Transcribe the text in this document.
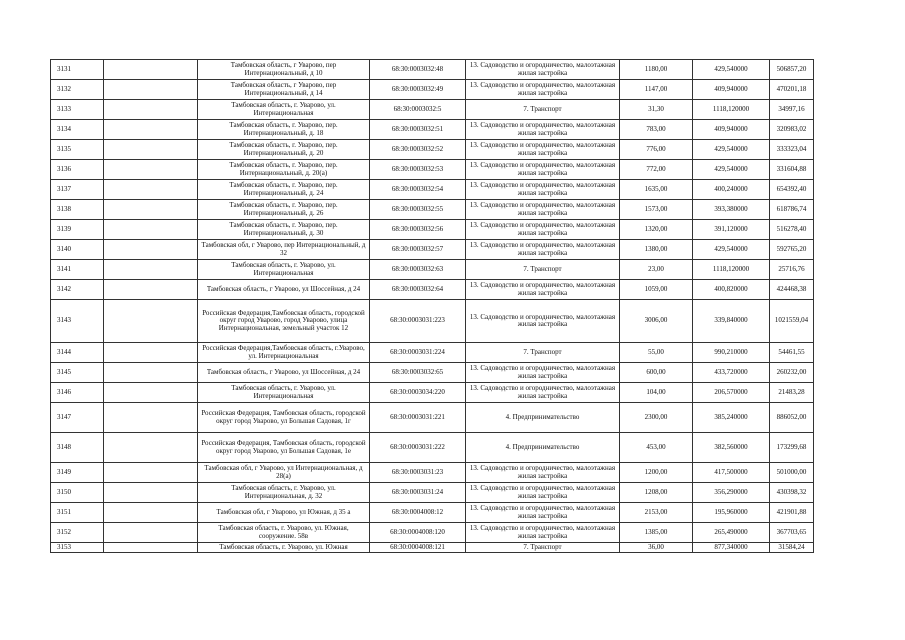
3131		Тамбовская область, г Уварово, пер Интернациональный, д 10	68:30:0003032:48	13. Садоводство и огородничество, малоэтажная жилая застройка	1180,00	429,540000	506857,20
3132		Тамбовская область, г Уварово, пер Интернациональный, д 14	68:30:0003032:49	13. Садоводство и огородничество, малоэтажная жилая застройка	1147,00	409,940000	470201,18
3133		Тамбовская область, г. Уварово, ул. Интернациональная	68:30:0003032:5	7. Транспорт	31,30	1118,120000	34997,16
3134		Тамбовская область, г. Уварово, пер. Интернациональный, д. 18	68:30:0003032:51	13. Садоводство и огородничество, малоэтажная жилая застройка	783,00	409,940000	320983,02
3135		Тамбовская область, г. Уварово, пер. Интернациональный, д. 20	68:30:0003032:52	13. Садоводство и огородничество, малоэтажная жилая застройка	776,00	429,540000	333323,04
3136		Тамбовская область, г. Уварово, пер. Интернациональный, д. 20(а)	68:30:0003032:53	13. Садоводство и огородничество, малоэтажная жилая застройка	772,00	429,540000	331604,88
3137		Тамбовская область, г. Уварово, пер. Интернациональный, д. 24	68:30:0003032:54	13. Садоводство и огородничество, малоэтажная жилая застройка	1635,00	400,240000	654392,40
3138		Тамбовская область, г. Уварово, пер. Интернациональный, д. 26	68:30:0003032:55	13. Садоводство и огородничество, малоэтажная жилая застройка	1573,00	393,380000	618786,74
3139		Тамбовская область, г. Уварово, пер. Интернациональный, д. 30	68:30:0003032:56	13. Садоводство и огородничество, малоэтажная жилая застройка	1320,00	391,120000	516278,40
3140		Тамбовская обл, г Уварово, пер Интернациональный, д 32	68:30:0003032:57	13. Садоводство и огородничество, малоэтажная жилая застройка	1380,00	429,540000	592765,20
3141		Тамбовская область, г. Уварово, ул. Интернациональная	68:30:0003032:63	7. Транспорт	23,00	1118,120000	25716,76
3142		Тамбовская область, г Уварово, ул Шоссейная, д 24	68:30:0003032:64	13. Садоводство и огородничество, малоэтажная жилая застройка	1059,00	400,820000	424468,38
3143		Российская Федерация,Тамбовская область, городской округ город Уварово, город Уварово, улица Интернациональная, земельный участок 12	68:30:0003031:223	13. Садоводство и огородничество, малоэтажная жилая застройка	3006,00	339,840000	1021559,04
3144		Российская Федерация,Тамбовская область, г.Уварово, ул. Интернациональная	68:30:0003031:224	7. Транспорт	55,00	990,210000	54461,55
3145		Тамбовская область, г Уварово, ул Шоссейная, д 24	68:30:0003032:65	13. Садоводство и огородничество, малоэтажная жилая застройка	600,00	433,720000	260232,00
3146		Тамбовская область, г. Уварово, ул. Интернациональная	68:30:0003034:220	13. Садоводство и огородничество, малоэтажная жилая застройка	104,00	206,570000	21483,28
3147		Российская Федерация, Тамбовская область, городской округ город Уварово, ул Большая Садовая, 1г	68:30:0003031:221	4. Предпринимательство	2300,00	385,240000	886052,00
3148		Российская Федерация, Тамбовская область, городской округ город Уварово, ул Большая Садовая, 1е	68:30:0003031:222	4. Предпринимательство	453,00	382,560000	173299,68
3149		Тамбовская обл, г Уварово, ул Интернациональная, д 28(а)	68:30:0003031:23	13. Садоводство и огородничество, малоэтажная жилая застройка	1200,00	417,500000	501000,00
3150		Тамбовская область, г. Уварово, ул. Интернациональная, д. 32	68:30:0003031:24	13. Садоводство и огородничество, малоэтажная жилая застройка	1208,00	356,290000	430398,32
3151		Тамбовская обл, г Уварово, ул Южная, д 35 а	68:30:0004008:12	13. Садоводство и огородничество, малоэтажная жилая застройка	2153,00	195,960000	421901,88
3152		Тамбовская область, г. Уварово, ул. Южная, сооружение. 58в	68:30:0004008:120	13. Садоводство и огородничество, малоэтажная жилая застройка	1385,00	265,490000	367703,65
3153		Тамбовская область, г. Уварово, ул. Южная	68:30:0004008:121	7. Транспорт	36,00	877,340000	31584,24
